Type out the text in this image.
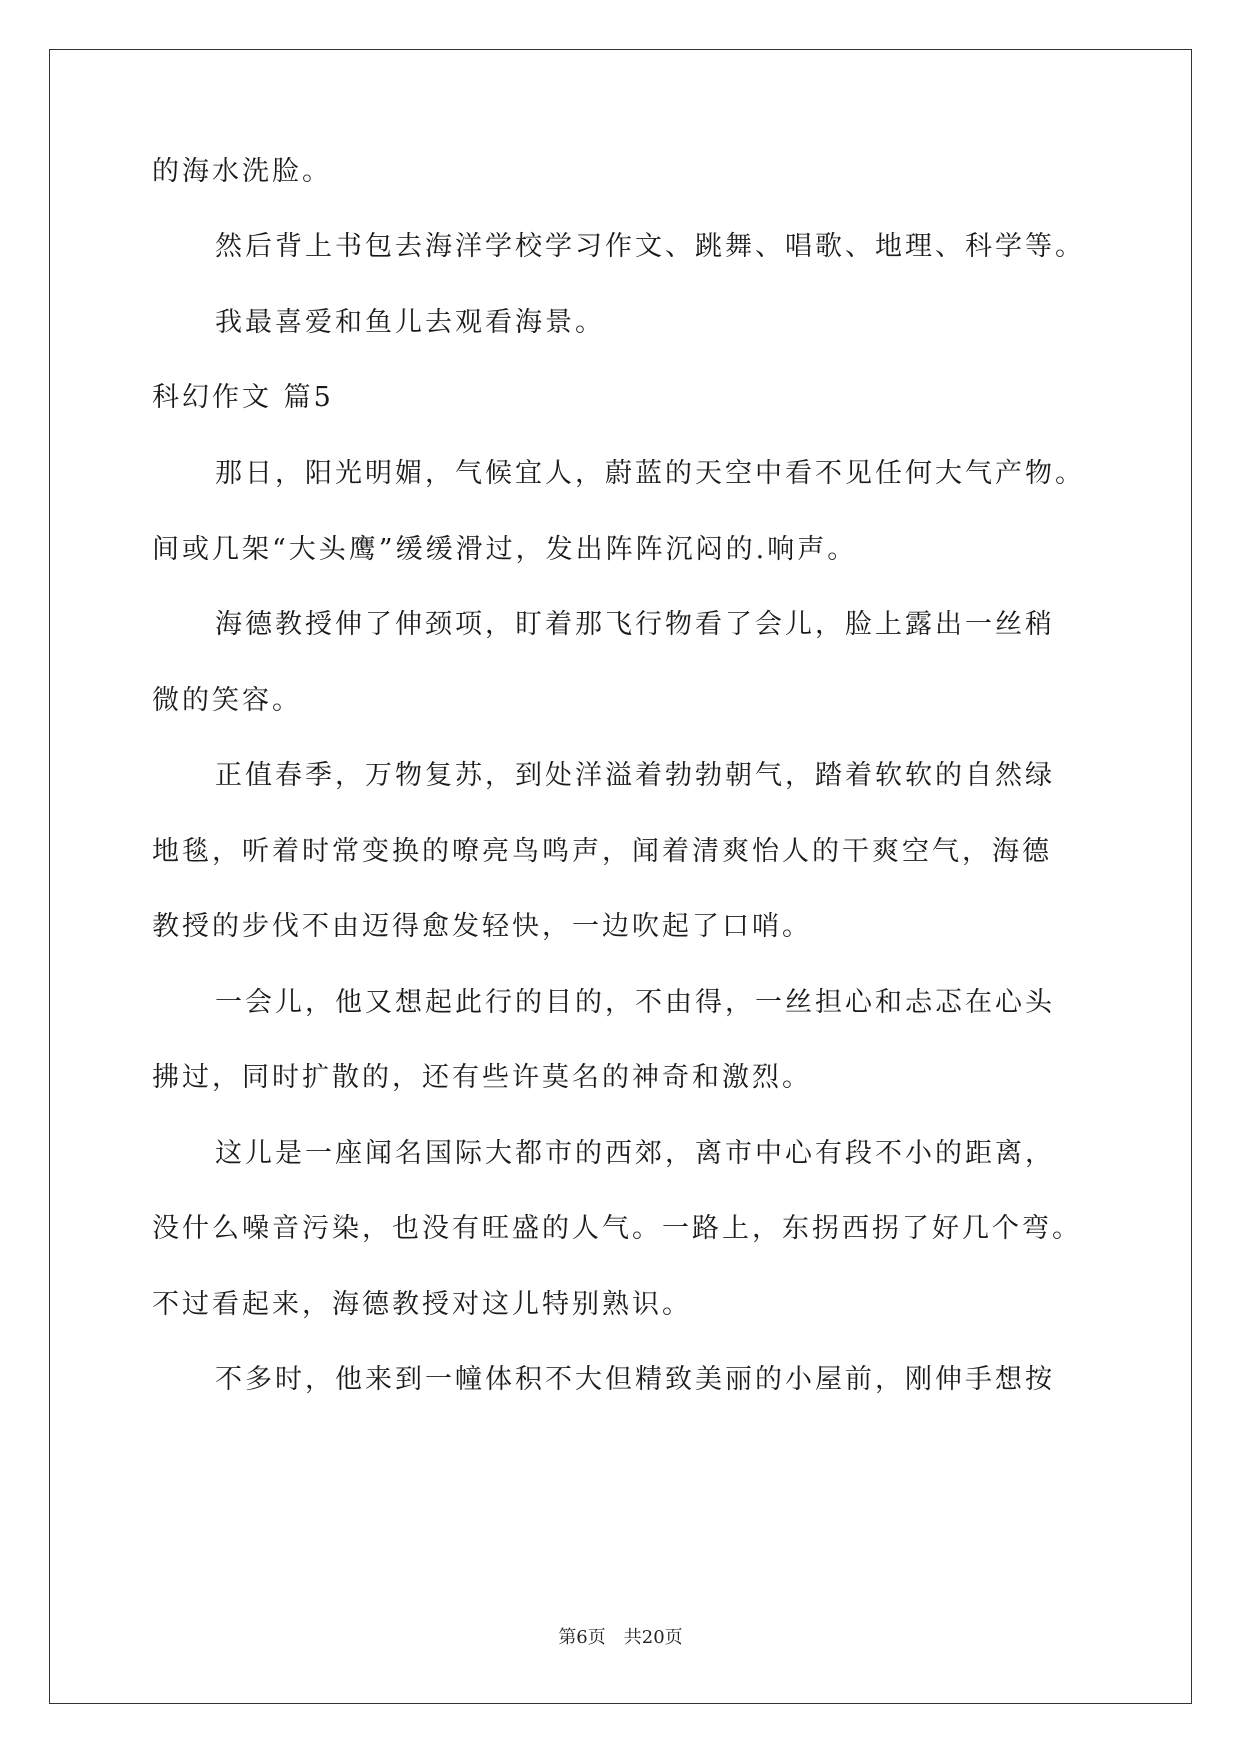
的海水洗脸。
然后背上书包去海洋学校学习作文、跳舞、唱歌、地理、科学等。
我最喜爱和鱼儿去观看海景。
科幻作文 篇5
那日，阳光明媚，气候宜人，蔚蓝的天空中看不见任何大气产物。
间或几架“大头鹰”缓缓滑过，发出阵阵沉闷的.响声。
海德教授伸了伸颈项，盯着那飞行物看了会儿，脸上露出一丝稍
微的笑容。
正值春季，万物复苏，到处洋溢着勃勃朝气，踏着软软的自然绿
地毯，听着时常变换的嘹亮鸟鸣声，闻着清爽怡人的干爽空气，海德
教授的步伐不由迈得愈发轻快，一边吹起了口哨。
一会儿，他又想起此行的目的，不由得，一丝担心和忐忑在心头
拂过，同时扩散的，还有些许莫名的神奇和激烈。
这儿是一座闻名国际大都市的西郊，离市中心有段不小的距离，
没什么噪音污染，也没有旺盛的人气。一路上，东拐西拐了好几个弯。
不过看起来，海德教授对这儿特别熟识。
不多时，他来到一幢体积不大但精致美丽的小屋前，刚伸手想按
第6页 共20页
